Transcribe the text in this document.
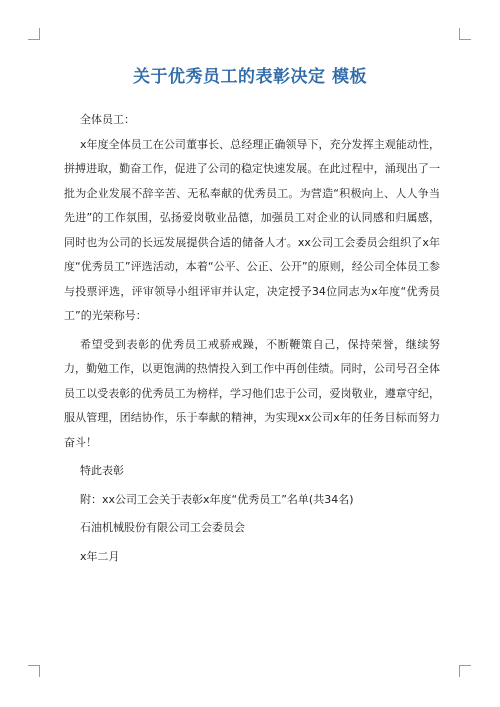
关于优秀员工的表彰决定 模板

全体员工：

x年度全体员工在公司董事长、总经理正确领导下，充分发挥主观能动性，拼搏进取，勤奋工作，促进了公司的稳定快速发展。在此过程中，涌现出了一批为企业发展不辞辛苦、无私奉献的优秀员工。为营造“积极向上、人人争当先进”的工作氛围，弘扬爱岗敬业品德，加强员工对企业的认同感和归属感，同时也为公司的长远发展提供合适的储备人才。xx公司工会委员会组织了x年度“优秀员工”评选活动，本着“公平、公正、公开”的原则，经公司全体员工参与投票评选，评审领导小组评审并认定，决定授予34位同志为x年度“优秀员工”的光荣称号：

希望受到表彰的优秀员工戒骄戒躁，不断鞭策自己，保持荣誉，继续努力，勤勉工作，以更饱满的热情投入到工作中再创佳绩。同时，公司号召全体员工以受表彰的优秀员工为榜样，学习他们忠于公司，爱岗敬业，遵章守纪，服从管理，团结协作，乐于奉献的精神，为实现xx公司x年的任务目标而努力奋斗！

特此表彰

附：xx公司工会关于表彰x年度“优秀员工”名单(共34名)

石油机械股份有限公司工会委员会

x年二月
